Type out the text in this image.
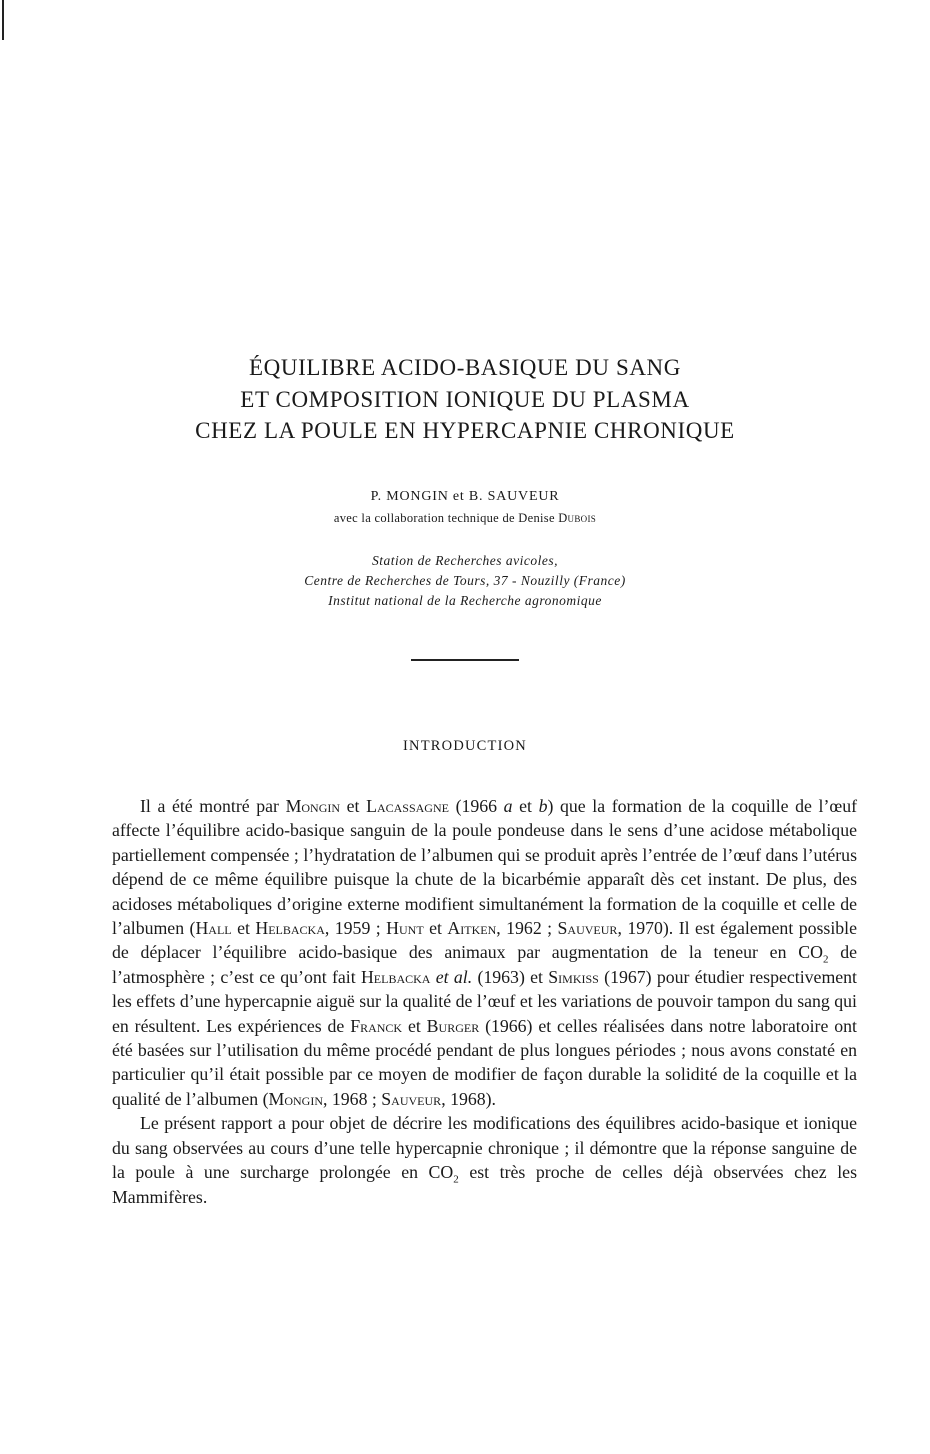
ÉQUILIBRE ACIDO-BASIQUE DU SANG
ET COMPOSITION IONIQUE DU PLASMA
CHEZ LA POULE EN HYPERCAPNIE CHRONIQUE
P. MONGIN et B. SAUVEUR
avec la collaboration technique de Denise Dubois
Station de Recherches avicoles,
Centre de Recherches de Tours, 37 - Nouzilly (France)
Institut national de la Recherche agronomique
INTRODUCTION

Il a été montré par Mongin et Lacassagne (1966 a et b) que la formation de la coquille de l’œuf affecte l’équilibre acido-basique sanguin de la poule pondeuse dans le sens d’une acidose métabolique partiellement compensée ; l’hydratation de l’albumen qui se produit après l’entrée de l’œuf dans l’utérus dépend de ce même équilibre puisque la chute de la bicarbémie apparaît dès cet instant. De plus, des acidoses métaboliques d’origine externe modifient simultanément la formation de la coquille et celle de l’albumen (Hall et Helbacka, 1959 ; Hunt et Aitken, 1962 ; Sauveur, 1970). Il est également possible de déplacer l’équilibre acido-basique des animaux par augmentation de la teneur en $CO_2$ de l’atmosphère ; c’est ce qu’ont fait Helbacka et al. (1963) et Simkiss (1967) pour étudier respectivement les effets d’une hypercapnie aiguë sur la qualité de l’œuf et les variations de pouvoir tampon du sang qui en résultent. Les expériences de Franck et Burger (1966) et celles réalisées dans notre laboratoire ont été basées sur l’utilisation du même procédé pendant de plus longues périodes ; nous avons constaté en particulier qu’il était possible par ce moyen de modifier de façon durable la solidité de la coquille et la qualité de l’albumen (Mongin, 1968 ; Sauveur, 1968).

Le présent rapport a pour objet de décrire les modifications des équilibres acido-basique et ionique du sang observées au cours d’une telle hypercapnie chronique ; il démontre que la réponse sanguine de la poule à une surcharge prolongée en $CO_2$ est très proche de celles déjà observées chez les Mammifères.
